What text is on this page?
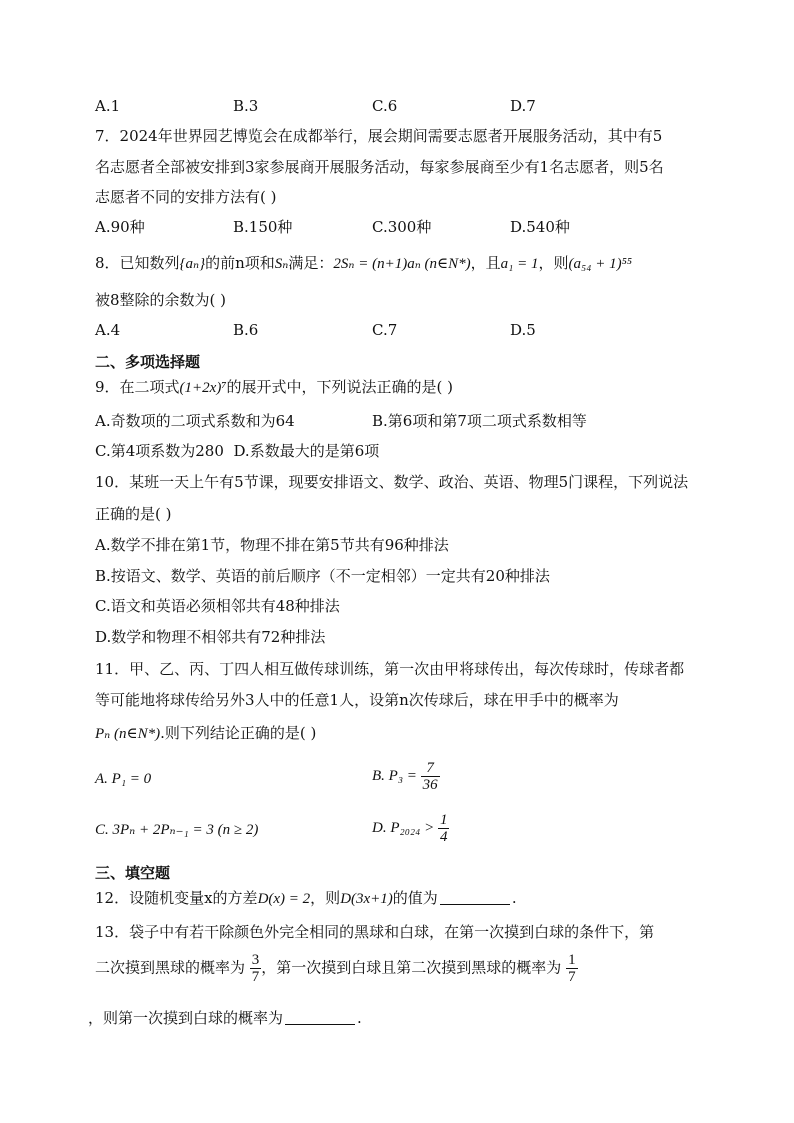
A.1	B.3	C.6	D.7
7．2024年世界园艺博览会在成都举行，展会期间需要志愿者开展服务活动，其中有5
名志愿者全部被安排到3家参展商开展服务活动，每家参展商至少有1名志愿者，则5名
志愿者不同的安排方法有( )
A.90种	B.150种	C.300种	D.540种
8．已知数列{aₙ}的前n项和Sₙ满足：2Sₙ = (n+1)aₙ (n∈N*)，且a₁ = 1，则(a₅₄ + 1)⁵⁵
被8整除的余数为( )
A.4	B.6	C.7	D.5
二、多项选择题
9．在二项式(1+2x)⁷的展开式中，下列说法正确的是( )
A.奇数项的二项式系数和为64	B.第6项和第7项二项式系数相等
C.第4项系数为280 D.系数最大的是第6项
10．某班一天上午有5节课，现要安排语文、数学、政治、英语、物理5门课程，下列说法
正确的是( )
A.数学不排在第1节，物理不排在第5节共有96种排法
B.按语文、数学、英语的前后顺序（不一定相邻）一定共有20种排法
C.语文和英语必须相邻共有48种排法
D.数学和物理不相邻共有72种排法
11．甲、乙、丙、丁四人相互做传球训练，第一次由甲将球传出，每次传球时，传球者都
等可能地将球传给另外3人中的任意1人，设第n次传球后，球在甲手中的概率为
Pₙ (n∈N*).则下列结论正确的是( )
A. P₁ = 0	B. $P_3 = \frac{7}{36}$
C. 3Pₙ + 2Pₙ₋₁ = 3 (n ≥ 2)	D. $P_{2024} > \frac{1}{4}$
三、填空题
12．设随机变量x的方差D(x) = 2，则D(3x+1)的值为	.
13．袋子中有若干除颜色外完全相同的黑球和白球，在第一次摸到白球的条件下，第
二次摸到黑球的概率为 $\frac{3}{7}$ ，第一次摸到白球且第二次摸到黑球的概率为 $\frac{1}{7}$
，则第一次摸到白球的概率为	.
